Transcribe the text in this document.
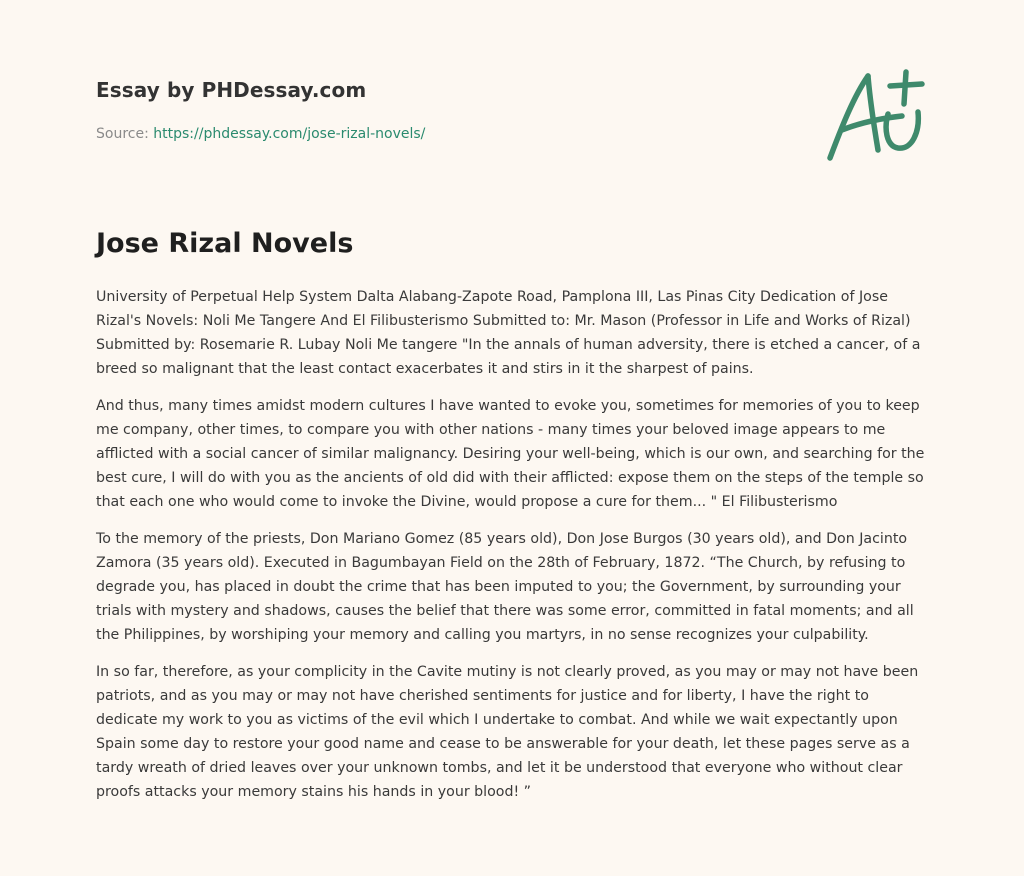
Essay by PHDessay.com
Source: https://phdessay.com/jose-rizal-novels/
Jose Rizal Novels

University of Perpetual Help System Dalta Alabang-Zapote Road, Pamplona III, Las Pinas City Dedication of Jose Rizal's Novels: Noli Me Tangere And El Filibusterismo Submitted to: Mr. Mason (Professor in Life and Works of Rizal) Submitted by: Rosemarie R. Lubay Noli Me tangere "In the annals of human adversity, there is etched a cancer, of a breed so malignant that the least contact exacerbates it and stirs in it the sharpest of pains.

And thus, many times amidst modern cultures I have wanted to evoke you, sometimes for memories of you to keep me company, other times, to compare you with other nations - many times your beloved image appears to me afflicted with a social cancer of similar malignancy. Desiring your well-being, which is our own, and searching for the best cure, I will do with you as the ancients of old did with their afflicted: expose them on the steps of the temple so that each one who would come to invoke the Divine, would propose a cure for them... " El Filibusterismo

To the memory of the priests, Don Mariano Gomez (85 years old), Don Jose Burgos (30 years old), and Don Jacinto Zamora (35 years old). Executed in Bagumbayan Field on the 28th of February, 1872. “The Church, by refusing to degrade you, has placed in doubt the crime that has been imputed to you; the Government, by surrounding your trials with mystery and shadows, causes the belief that there was some error, committed in fatal moments; and all the Philippines, by worshiping your memory and calling you martyrs, in no sense recognizes your culpability.

In so far, therefore, as your complicity in the Cavite mutiny is not clearly proved, as you may or may not have been patriots, and as you may or may not have cherished sentiments for justice and for liberty, I have the right to dedicate my work to you as victims of the evil which I undertake to combat. And while we wait expectantly upon Spain some day to restore your good name and cease to be answerable for your death, let these pages serve as a tardy wreath of dried leaves over your unknown tombs, and let it be understood that everyone who without clear proofs attacks your memory stains his hands in your blood! ”
